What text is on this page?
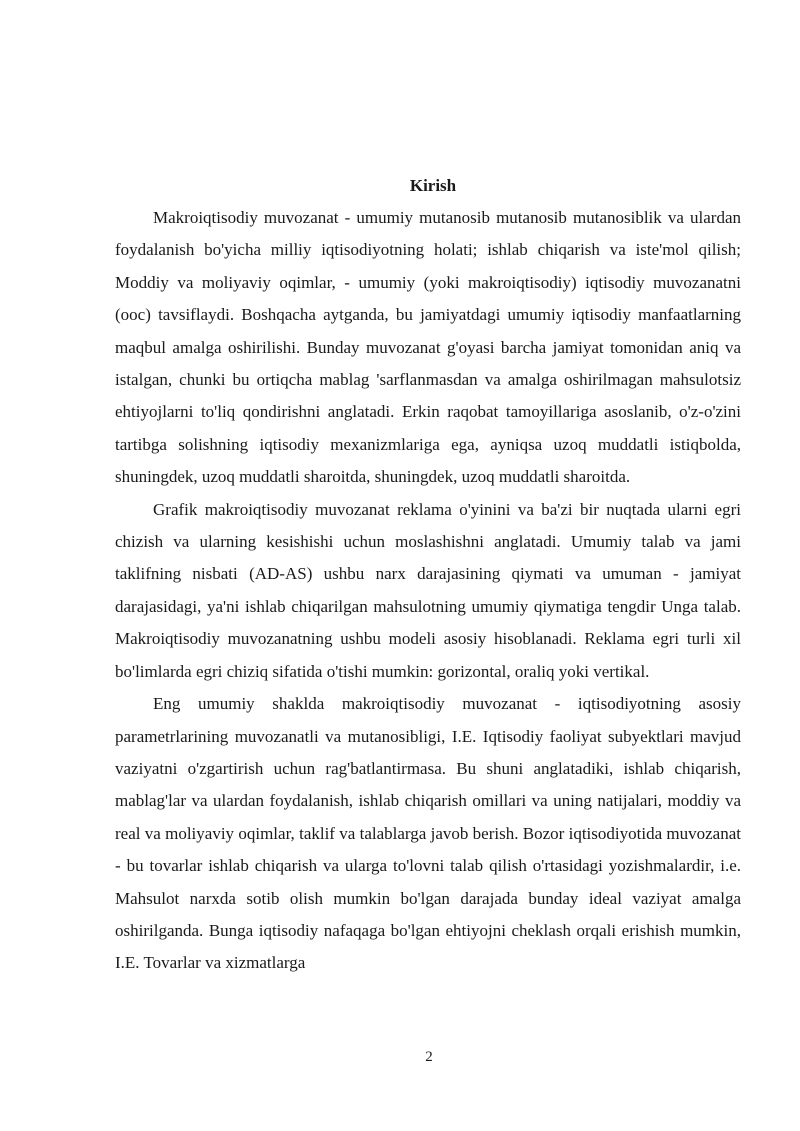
Kirish

Makroiqtisodiy muvozanat - umumiy mutanosib mutanosib mutanosiblik va ulardan foydalanish bo'yicha milliy iqtisodiyotning holati; ishlab chiqarish va iste'mol qilish; Moddiy va moliyaviy oqimlar, - umumiy (yoki makroiqtisodiy) iqtisodiy muvozanatni (ooc) tavsiflaydi. Boshqacha aytganda, bu jamiyatdagi umumiy iqtisodiy manfaatlarning maqbul amalga oshirilishi. Bunday muvozanat g'oyasi barcha jamiyat tomonidan aniq va istalgan, chunki bu ortiqcha mablag 'sarflanmasdan va amalga oshirilmagan mahsulotsiz ehtiyojlarni to'liq qondirishni anglatadi. Erkin raqobat tamoyillariga asoslanib, o'z-o'zini tartibga solishning iqtisodiy mexanizmlariga ega, ayniqsa uzoq muddatli istiqbolda, shuningdek, uzoq muddatli sharoitda, shuningdek, uzoq muddatli sharoitda.

Grafik makroiqtisodiy muvozanat reklama o'yinini va ba'zi bir nuqtada ularni egri chizish va ularning kesishishi uchun moslashishni anglatadi. Umumiy talab va jami taklifning nisbati (AD-AS) ushbu narx darajasining qiymati va umuman - jamiyat darajasidagi, ya'ni ishlab chiqarilgan mahsulotning umumiy qiymatiga tengdir Unga talab. Makroiqtisodiy muvozanatning ushbu modeli asosiy hisoblanadi. Reklama egri turli xil bo'limlarda egri chiziq sifatida o'tishi mumkin: gorizontal, oraliq yoki vertikal.

Eng umumiy shaklda makroiqtisodiy muvozanat - iqtisodiyotning asosiy parametrlarining muvozanatli va mutanosibligi, I.E. Iqtisodiy faoliyat subyektlari mavjud vaziyatni o'zgartirish uchun rag'batlantirmasa. Bu shuni anglatadiki, ishlab chiqarish, mablag'lar va ulardan foydalanish, ishlab chiqarish omillari va uning natijalari, moddiy va real va moliyaviy oqimlar, taklif va talablarga javob berish. Bozor iqtisodiyotida muvozanat - bu tovarlar ishlab chiqarish va ularga to'lovni talab qilish o'rtasidagi yozishmalardir, i.e. Mahsulot narxda sotib olish mumkin bo'lgan darajada bunday ideal vaziyat amalga oshirilganda. Bunga iqtisodiy nafaqaga bo'lgan ehtiyojni cheklash orqali erishish mumkin, I.E. Tovarlar va xizmatlarga

2
